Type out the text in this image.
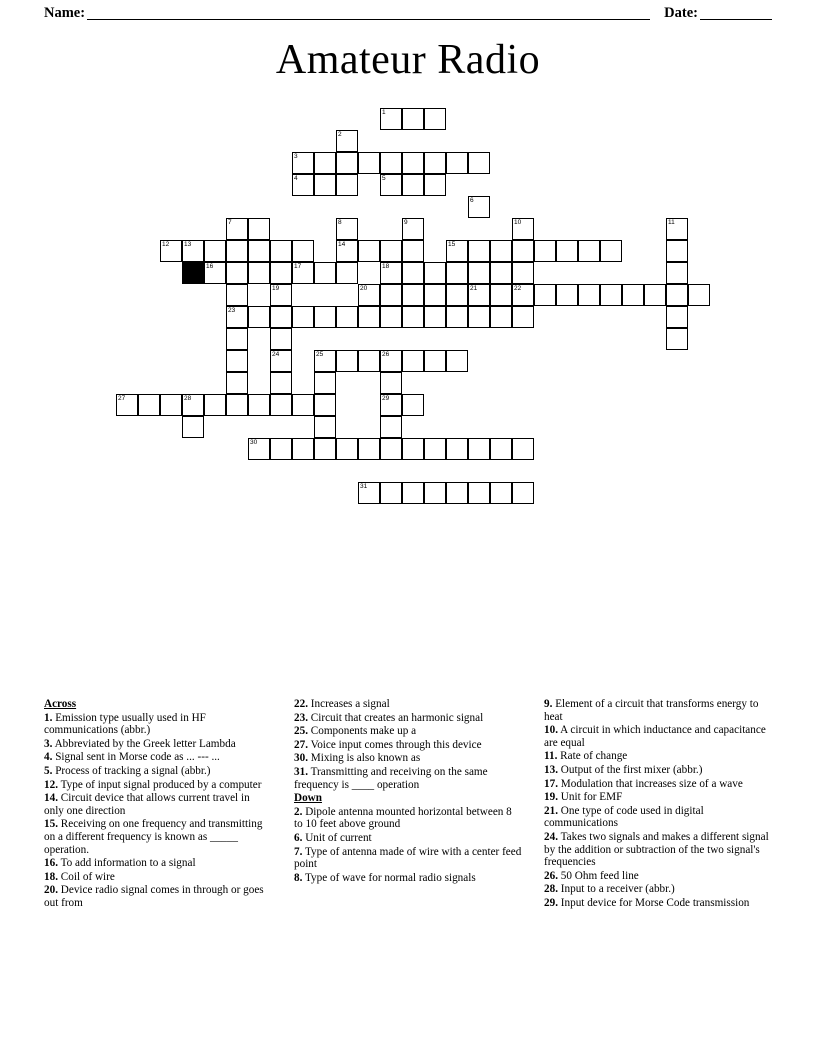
Name:	Date:
Amateur Radio
1
2
3
4	5
6
7	8	9	10	11
12 13	14	15
16	17	18
19	20	21	22
23
24	25	26
27	28	29
30
31
Across

1. Emission type usually used in HF communications (abbr.)

3. Abbreviated by the Greek letter Lambda

4. Signal sent in Morse code as ... --- ...

5. Process of tracking a signal (abbr.)

12. Type of input signal produced by a computer

14. Circuit device that allows current travel in only one direction

15. Receiving on one frequency and transmitting on a different frequency is known as _____ operation.

16. To add information to a signal

18. Coil of wire

20. Device radio signal comes in through or goes out from

22. Increases a signal

23. Circuit that creates an harmonic signal

25. Components make up a

27. Voice input comes through this device

30. Mixing is also known as

31. Transmitting and receiving on the same frequency is ____ operation

Down

2. Dipole antenna mounted horizontal between 8 to 10 feet above ground

6. Unit of current

7. Type of antenna made of wire with a center feed point

8. Type of wave for normal radio signals

9. Element of a circuit that transforms energy to heat

10. A circuit in which inductance and capacitance are equal

11. Rate of change

13. Output of the first mixer (abbr.)

17. Modulation that increases size of a wave

19. Unit for EMF

21. One type of code used in digital communications

24. Takes two signals and makes a different signal by the addition or subtraction of the two signal's frequencies

26. 50 Ohm feed line

28. Input to a receiver (abbr.)

29. Input device for Morse Code transmission
